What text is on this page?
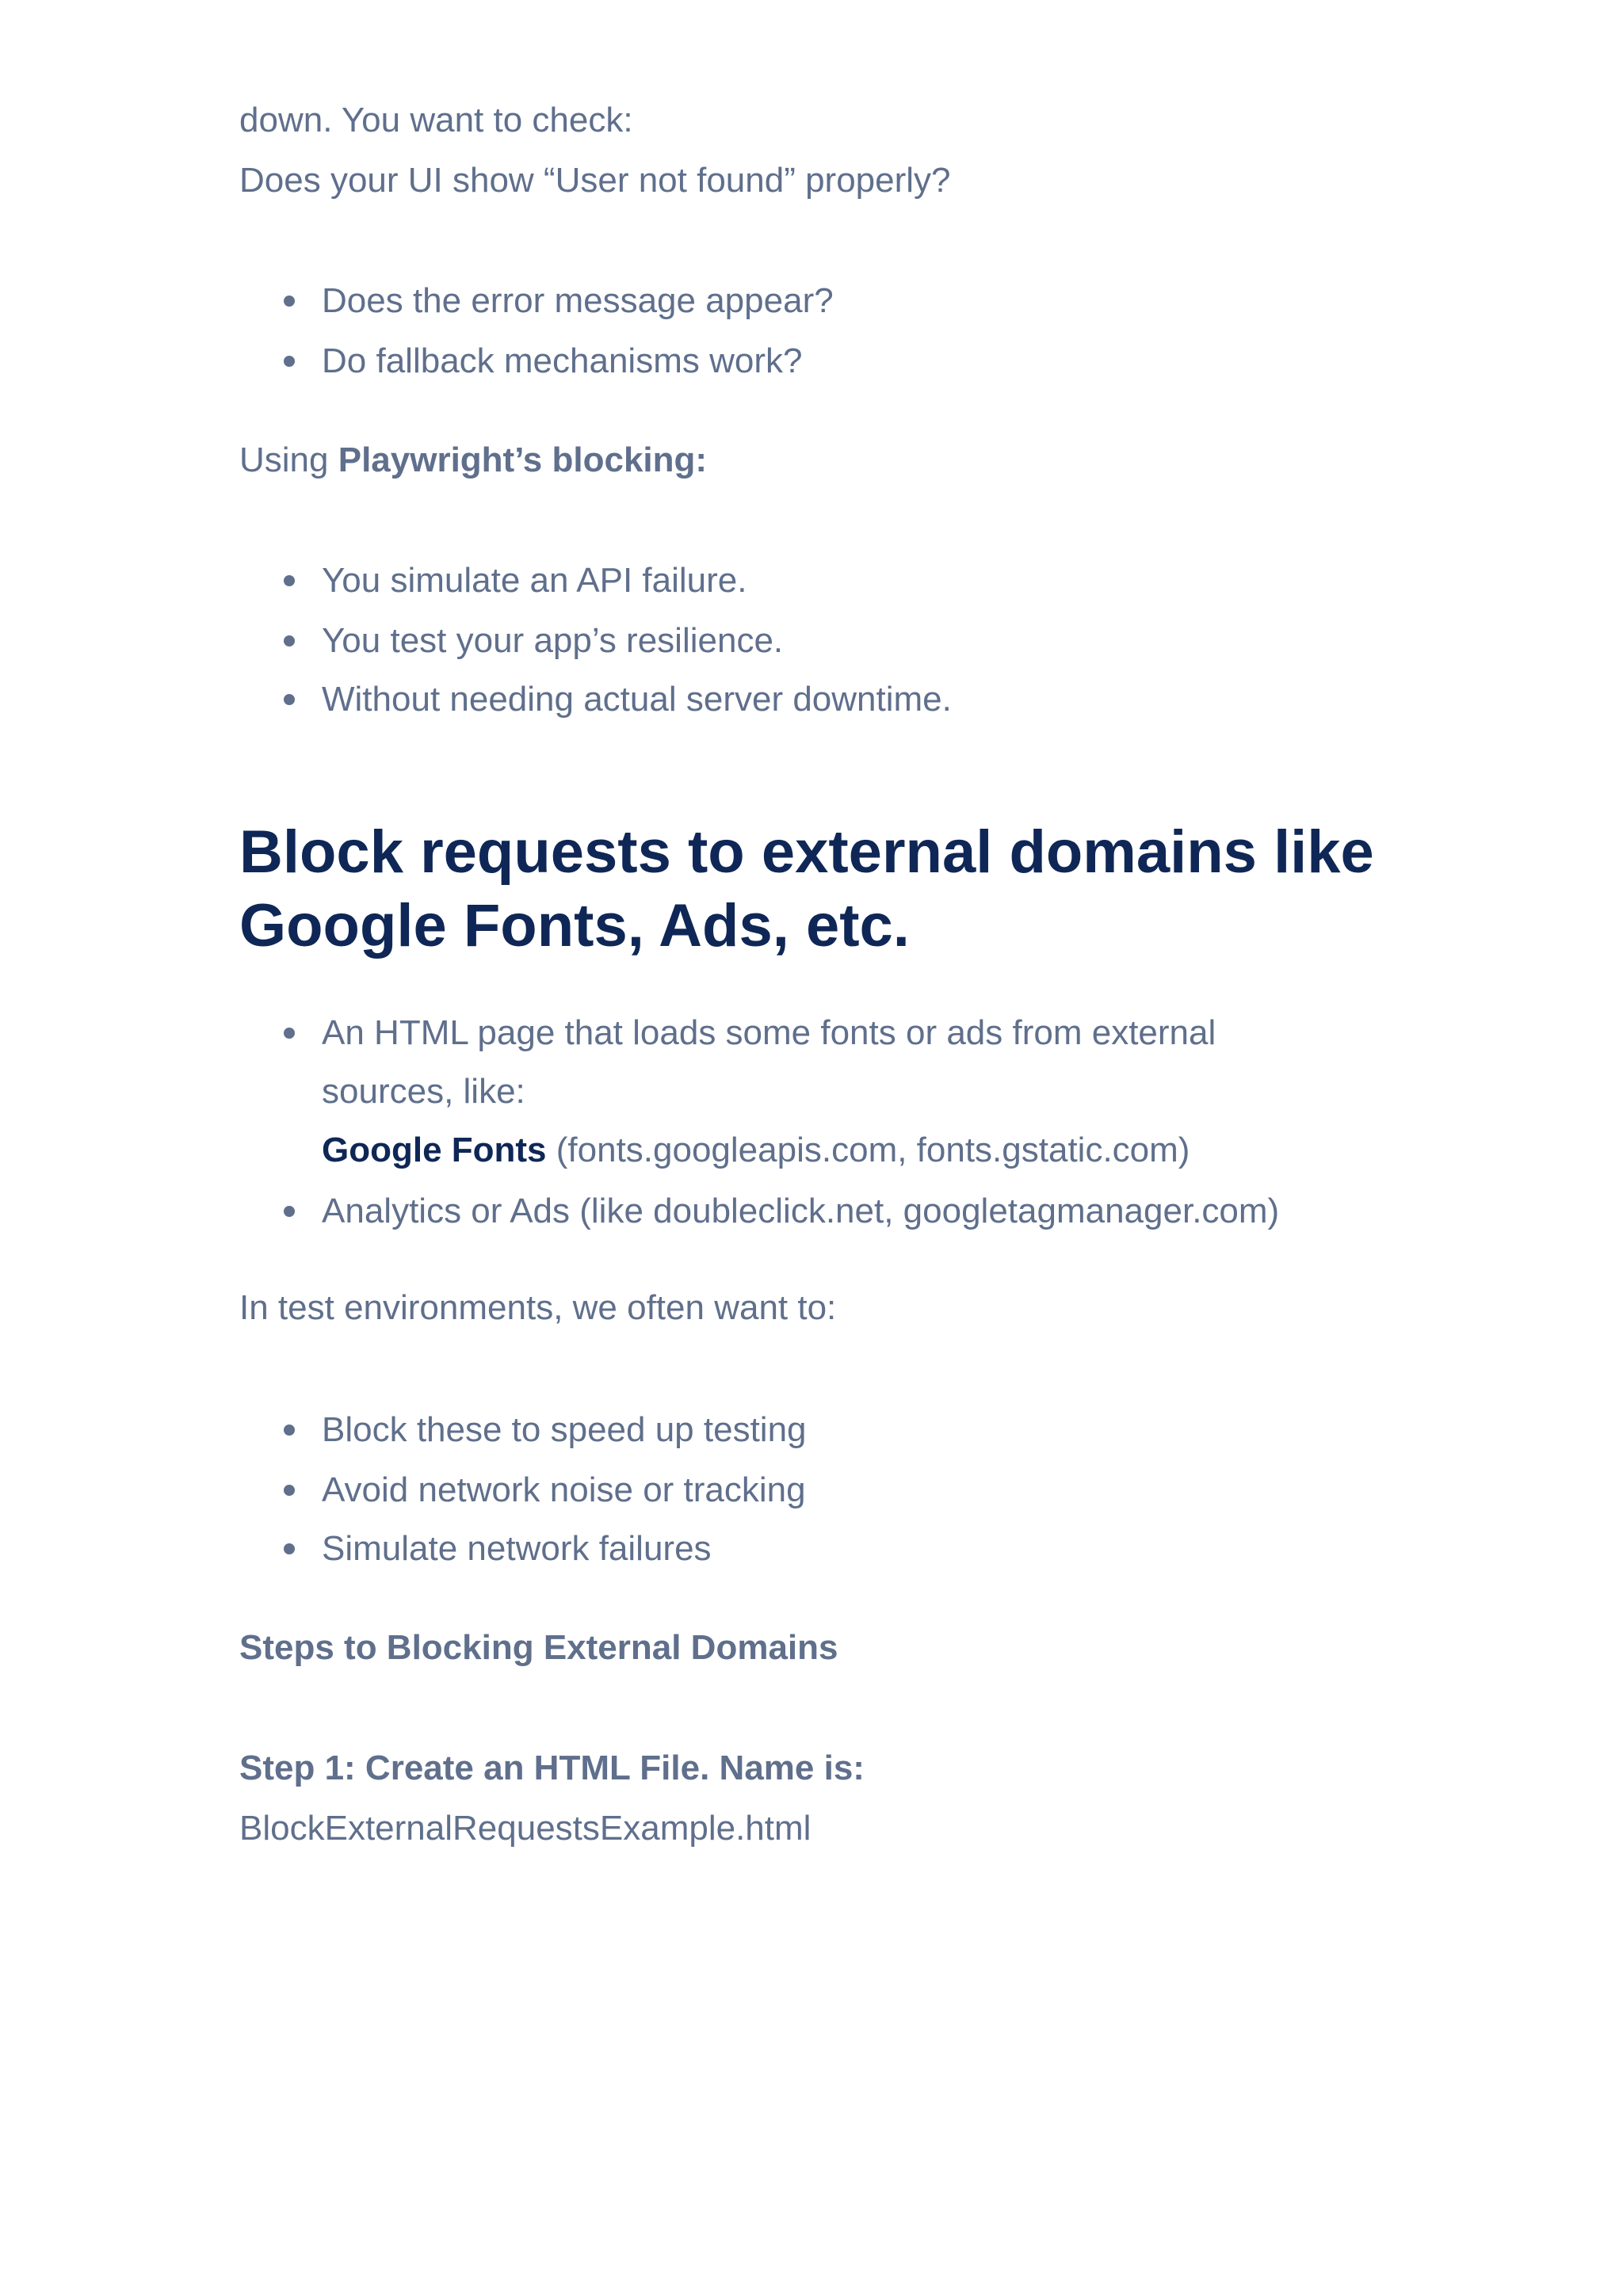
down. You want to check:
Does your UI show “User not found” properly?
Does the error message appear?
Do fallback mechanisms work?
Using Playwright’s blocking:
You simulate an API failure.
You test your app’s resilience.
Without needing actual server downtime.
Block requests to external domains like
Google Fonts, Ads, etc.
An HTML page that loads some fonts or ads from external
sources, like:
Google Fonts (fonts.googleapis.com, fonts.gstatic.com)
Analytics or Ads (like doubleclick.net, googletagmanager.com)
In test environments, we often want to:
Block these to speed up testing
Avoid network noise or tracking
Simulate network failures
Steps to Blocking External Domains
Step 1: Create an HTML File. Name is:
BlockExternalRequestsExample.html
